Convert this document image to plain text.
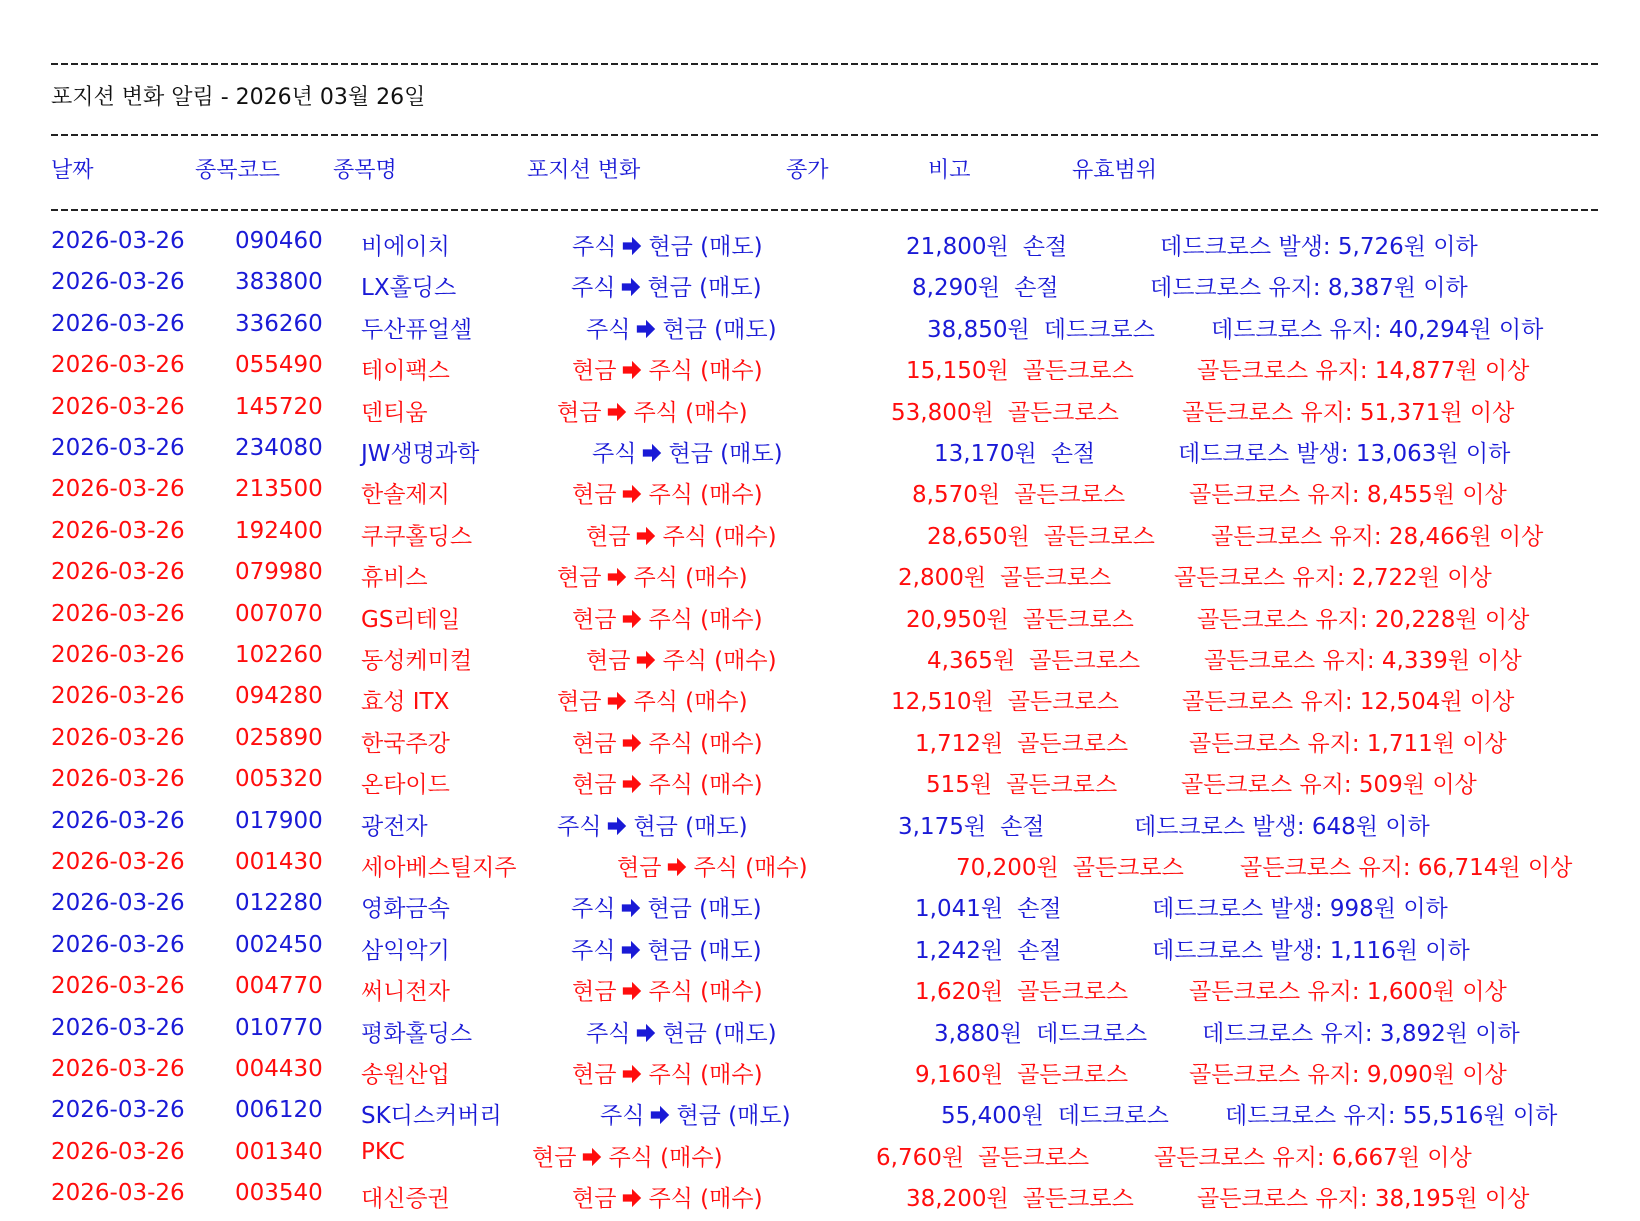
포지션 변화 알림 - 2026년 03월 26일
날짜	종목코드 종목명	포지션 변화	종가	비고	유효범위
2026-03-26 090460 비에이치	주식 현금 (매도)	21,800원 손절	데드크로스 발생: 5,726원 이하
2026-03-26 383800 LX홀딩스	주식 현금 (매도)	8,290원 손절	데드크로스 유지: 8,387원 이하
2026-03-26 336260 두산퓨얼셀	주식 현금 (매도)	38,850원 데드크로스 데드크로스 유지: 40,294원 이하
2026-03-26 055490 테이팩스	현금 주식 (매수)	15,150원 골든크로스	골든크로스 유지: 14,877원 이상
2026-03-26 145720 덴티움	현금 주식 (매수)	53,800원 골든크로스	골든크로스 유지: 51,371원 이상
2026-03-26 234080 JW생명과학	주식 현금 (매도)	13,170원 손절	데드크로스 발생: 13,063원 이하
2026-03-26 213500 한솔제지	현금 주식 (매수)	8,570원 골든크로스	골든크로스 유지: 8,455원 이상
2026-03-26 192400 쿠쿠홀딩스	현금 주식 (매수)	28,650원 골든크로스 골든크로스 유지: 28,466원 이상
2026-03-26 079980 휴비스	현금 주식 (매수)	2,800원 골든크로스	골든크로스 유지: 2,722원 이상
2026-03-26 007070 GS리테일	현금 주식 (매수)	20,950원 골든크로스	골든크로스 유지: 20,228원 이상
2026-03-26 102260 동성케미컬	현금 주식 (매수)	4,365원 골든크로스	골든크로스 유지: 4,339원 이상
2026-03-26 094280 효성 ITX	현금 주식 (매수)	12,510원 골든크로스	골든크로스 유지: 12,504원 이상
2026-03-26 025890 한국주강	현금 주식 (매수)	1,712원 골든크로스	골든크로스 유지: 1,711원 이상
2026-03-26 005320 온타이드	현금 주식 (매수)	515원 골든크로스	골든크로스 유지: 509원 이상
2026-03-26 017900 광전자	주식 현금 (매도)	3,175원 손절	데드크로스 발생: 648원 이하
2026-03-26 001430 세아베스틸지주	현금 주식 (매수)	70,200원 골든크로스 골든크로스 유지: 66,714원 이상
2026-03-26 012280 영화금속	주식 현금 (매도)	1,041원 손절	데드크로스 발생: 998원 이하
2026-03-26 002450 삼익악기	주식 현금 (매도)	1,242원 손절	데드크로스 발생: 1,116원 이하
2026-03-26 004770 써니전자	현금 주식 (매수)	1,620원 골든크로스	골든크로스 유지: 1,600원 이상
2026-03-26 010770 평화홀딩스	주식 현금 (매도)	3,880원 데드크로스 데드크로스 유지: 3,892원 이하
2026-03-26 004430 송원산업	현금 주식 (매수)	9,160원 골든크로스	골든크로스 유지: 9,090원 이상
2026-03-26 006120 SK디스커버리	주식 현금 (매도)	55,400원 데드크로스 데드크로스 유지: 55,516원 이하
2026-03-26 001340 PKC	현금 주식 (매수)	6,760원 골든크로스	골든크로스 유지: 6,667원 이상
2026-03-26 003540 대신증권	현금 주식 (매수)	38,200원 골든크로스	골든크로스 유지: 38,195원 이상
